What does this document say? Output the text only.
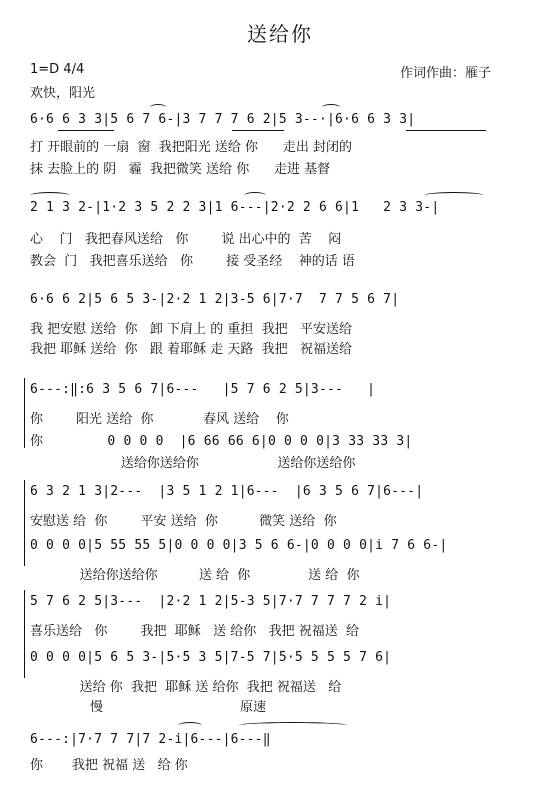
送给你
1=D 4/4	作词作曲：雁子
欢快，阳光
6·6 6 3 3|5 6 7 6-|3 7 7 7 6 2|5 3--·|6·6 6 3 3|
打 开眼前的 一扇  窗  我把阳光 送给 你      走出 封闭的
抹 去脸上的 阴   霾  我把微笑 送给 你      走进 基督
2 1 3 2-|1·2 3 5 2 2 3|1 6---|2·2 2 6 6|1   2 3 3-|
心    门   我把春风送给   你        说 出心中的  苦    闷
教会  门   我把喜乐送给   你        接 受圣经    神的话 语
6·6 6 2|5 6 5 3-|2·2 1 2|3-5 6|7·7  7 7 5 6 7|
我 把安慰 送给  你   卸 下肩上 的 重担  我把   平安送给
我把 耶稣 送给  你   跟 着耶稣 走 天路  我把   祝福送给
6---:‖:6 3 5 6 7|6---   |5 7 6 2 5|3---   |
你        阳光 送给  你            春风 送给    你
你        0 0 0 0  |6 66 66 6|0 0 0 0|3 33 33 3|
送给你送给你                   送给你送给你
6 3 2 1 3|2---  |3 5 1 2 1|6---  |6 3 5 6 7|6---|
安慰送 给  你        平安 送给  你          微笑 送给  你
0 0 0 0|5 55 55 5|0 0 0 0|3 5 6 6-|0 0 0 0|i 7 6 6-|
送给你送给你          送 给  你              送 给  你
5 7 6 2 5|3---  |2·2 1 2|5-3 5|7·7 7 7 7 2 i|
喜乐送给   你        我把  耶稣   送 给你   我把 祝福送  给
0 0 0 0|5 6 5 3-|5·5 3 5|7-5 7|5·5 5 5 5 7 6|
送给 你  我把  耶稣 送 给你  我把 祝福送   给
慢	原速
6---:|7·7 7 7|7 2-i|6---|6---‖
你       我把 祝福 送   给 你
